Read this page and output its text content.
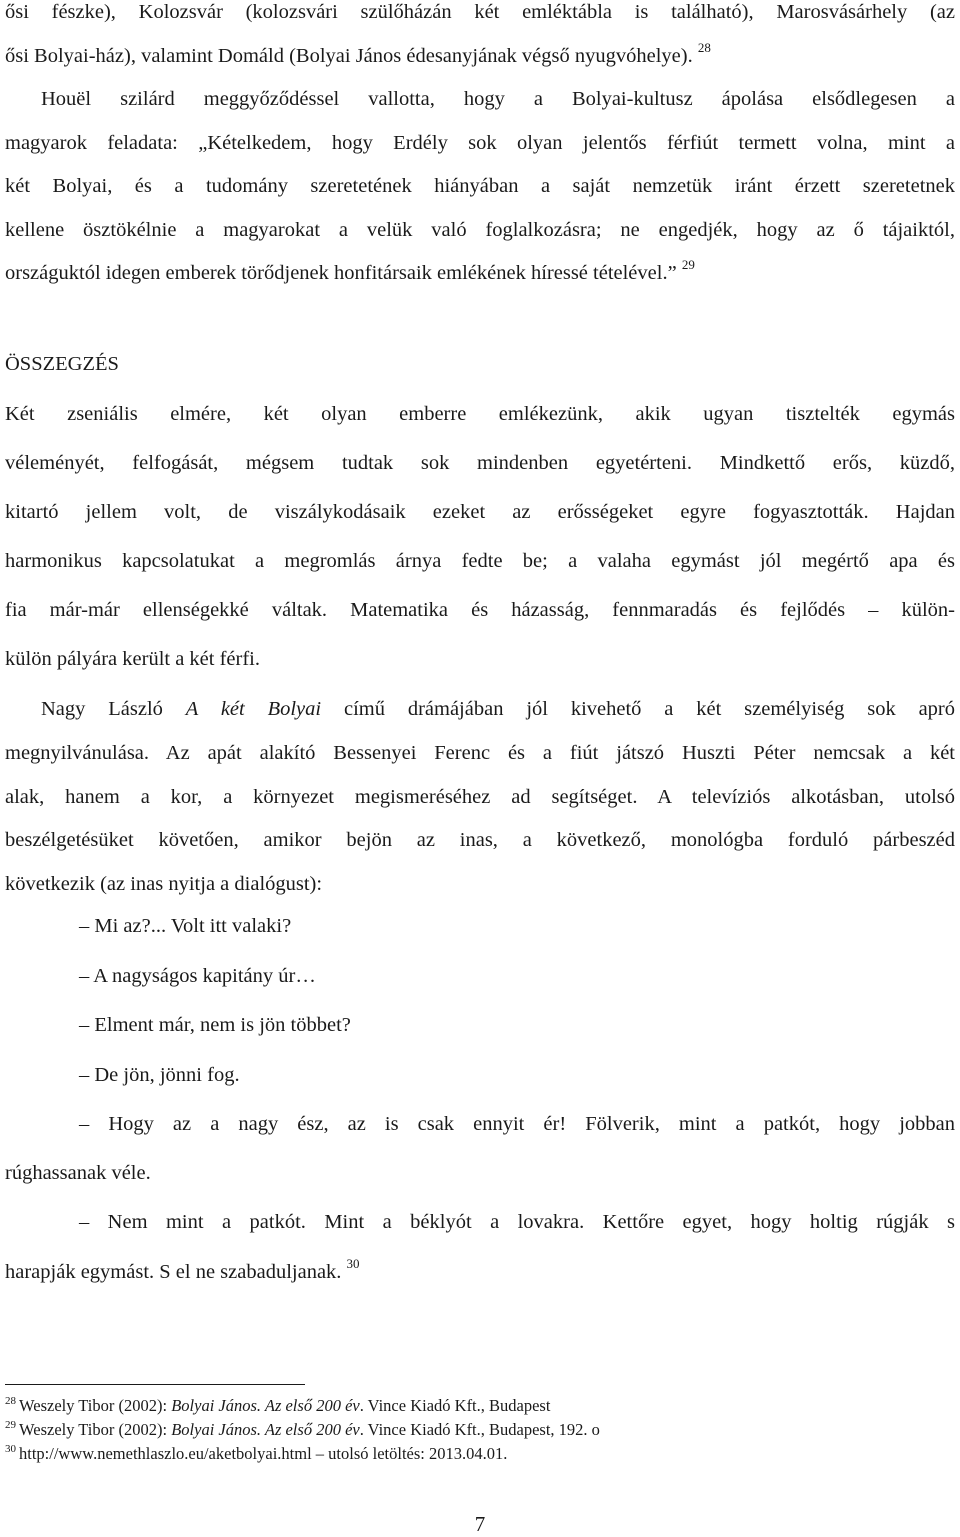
ősi fészke), Kolozsvár (kolozsvári szülőházán két emléktábla is található), Marosvásárhely (az
ősi Bolyai-ház), valamint Domáld (Bolyai János édesanyjának végső nyugvóhelye). $^{28}$
Houël szilárd meggyőződéssel vallotta, hogy a Bolyai-kultusz ápolása elsődlegesen a
magyarok feladata: „Kételkedem, hogy Erdély sok olyan jelentős férfiút termett volna, mint a
két Bolyai, és a tudomány szeretetének hiányában a saját nemzetük iránt érzett szeretetnek
kellene ösztökélnie a magyarokat a velük való foglalkozásra; ne engedjék, hogy az ő tájaiktól,
országuktól idegen emberek törődjenek honfitársaik emlékének híressé tételével.” $^{29}$
ÖSSZEGZÉS
Két zseniális elmére, két olyan emberre emlékezünk, akik ugyan tisztelték egymás
véleményét, felfogását, mégsem tudtak sok mindenben egyetérteni. Mindkettő erős, küzdő,
kitartó jellem volt, de viszálykodásaik ezeket az erősségeket egyre fogyasztották. Hajdan
harmonikus kapcsolatukat a megromlás árnya fedte be; a valaha egymást jól megértő apa és
fia már-már ellenségekké váltak. Matematika és házasság, fennmaradás és fejlődés – külön-
külön pályára került a két férfi.
Nagy László A két Bolyai című drámájában jól kivehető a két személyiség sok apró
megnyilvánulása. Az apát alakító Bessenyei Ferenc és a fiút játszó Huszti Péter nemcsak a két
alak, hanem a kor, a környezet megismeréséhez ad segítséget. A televíziós alkotásban, utolsó
beszélgetésüket követően, amikor bejön az inas, a következő, monológba forduló párbeszéd
következik (az inas nyitja a dialógust):
– Mi az?... Volt itt valaki?
– A nagyságos kapitány úr…
– Elment már, nem is jön többet?
– De jön, jönni fog.
– Hogy az a nagy ész, az is csak ennyit ér! Fölverik, mint a patkót, hogy jobban
rúghassanak véle.
– Nem mint a patkót. Mint a béklyót a lovakra. Kettőre egyet, hogy holtig rúgják s
harapják egymást. S el ne szabaduljanak. $^{30}$
$^{28}$ Weszely Tibor (2002): Bolyai János. Az első 200 év. Vince Kiadó Kft., Budapest
$^{29}$ Weszely Tibor (2002): Bolyai János. Az első 200 év. Vince Kiadó Kft., Budapest, 192. o
$^{30}$ http://www.nemethlaszlo.eu/aketbolyai.html – utolsó letöltés: 2013.04.01.
7
